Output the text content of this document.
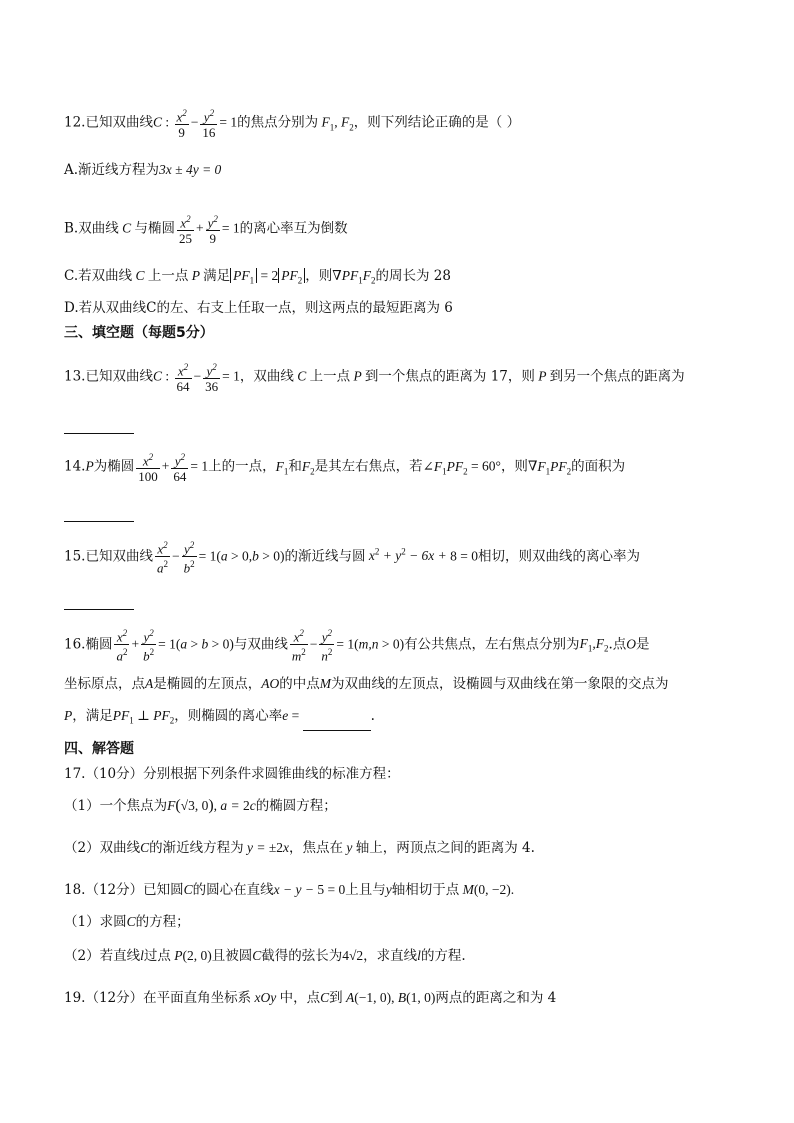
12.已知双曲线C : $\frac{x^2}{9} - \frac{y^2}{16} = 1$的焦点分别为 $F_1$, $F_2$，则下列结论正确的是（ ）
A.渐近线方程为3x ± 4y = 0
B.双曲线 C 与椭圆 $\frac{x^2}{25} + \frac{y^2}{9} = 1$的离心率互为倒数
C.若双曲线 C 上一点 P 满足 $PF_1 = 2$ $PF_2$ ，则$\nabla PF_1F_2$的周长为 28
D.若从双曲线C的左、右支上任取一点，则这两点的最短距离为 6
三、填空题（每题5分）
13.已知双曲线C : $\frac{x^2}{64} - \frac{y^2}{36} = 1$，双曲线 C 上一点 P 到一个焦点的距离为 17，则 P 到另一个焦点的距离为
14.P为椭圆 $\frac{x^2}{100} + \frac{y^2}{64} = 1$上的一点，$F_1$和$F_2$是其左右焦点，若$\angle F_1PF_2 = 60^\circ$，则$\nabla F_1PF_2$的面积为
15.已知双曲线 $\frac{x^2}{a^2} - \frac{y^2}{b^2} = 1(a > 0,b > 0)$的渐近线与圆 $x^2 + y^2 - 6x + 8 = 0$相切，则双曲线的离心率为
16.椭圆 $\frac{x^2}{a^2} + \frac{y^2}{b^2} = 1(a > b > 0)$与双曲线 $\frac{x^2}{m^2} - \frac{y^2}{n^2} = 1(m,n > 0)$有公共焦点，左右焦点分别为$F_1,F_2$.点O是
坐标原点，点A是椭圆的左顶点，AO的中点M为双曲线的左顶点，设椭圆与双曲线在第一象限的交点为
P，满足$PF_1$ ⊥ $PF_2$，则椭圆的离心率e =	.
四、解答题
17.（10分）分别根据下列条件求圆锥曲线的标准方程：
（1）一个焦点为F(√3, 0), a = 2c的椭圆方程；
（2）双曲线C的渐近线方程为 y = ±2x，焦点在 y 轴上，两顶点之间的距离为 4.
18.（12分）已知圆C的圆心在直线x − y − 5 = 0上且与y轴相切于点 M(0, −2).
（1）求圆C的方程；
（2）若直线l过点 P(2, 0)且被圆C截得的弦长为4√2，求直线l的方程.
19.（12分）在平面直角坐标系 xOy 中，点C到 A(−1, 0), B(1, 0)两点的距离之和为 4
